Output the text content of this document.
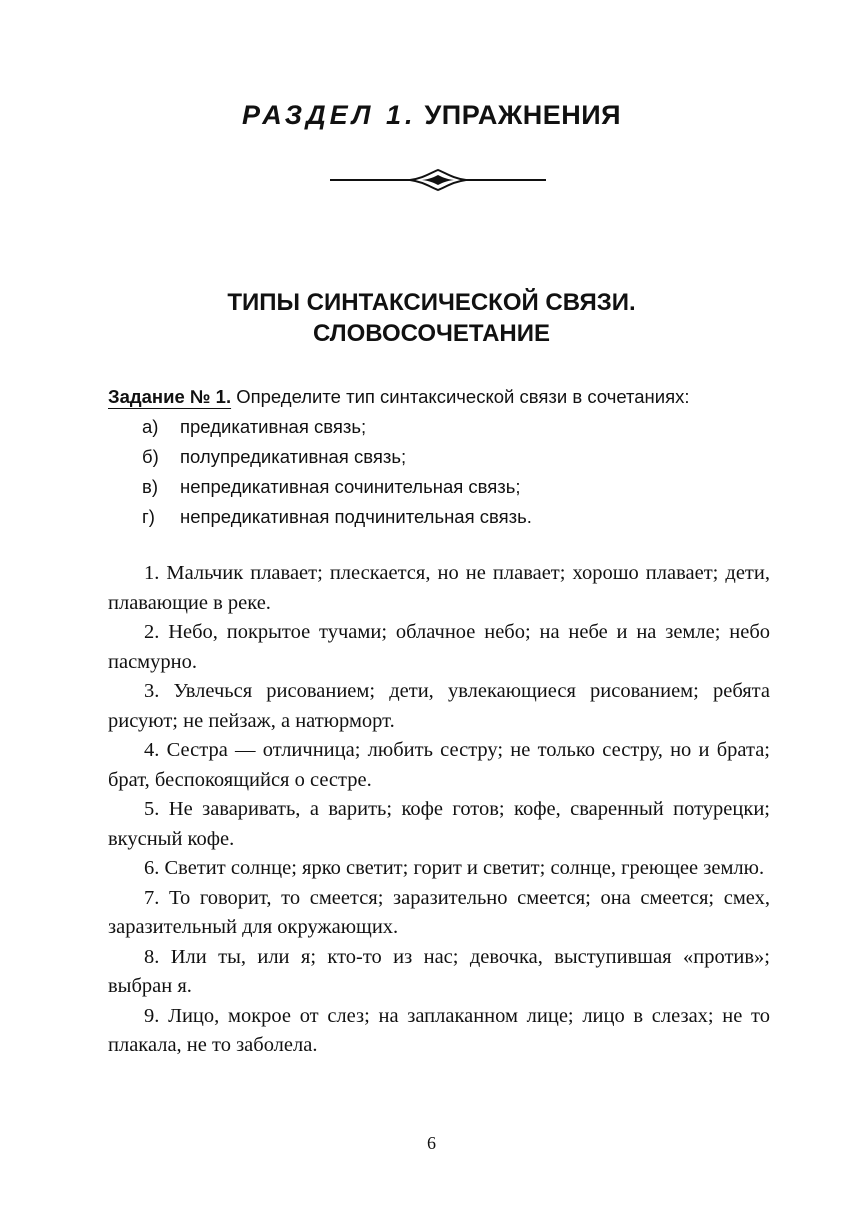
РАЗДЕЛ 1. УПРАЖНЕНИЯ
ТИПЫ СИНТАКСИЧЕСКОЙ СВЯЗИ.
СЛОВОСОЧЕТАНИЕ
Задание № 1. Определите тип синтаксической связи в сочетаниях:
а)	предикативная связь;
б)	полупредикативная связь;
в)	непредикативная сочинительная связь;
г)	непредикативная подчинительная связь.

1. Мальчик плавает; плескается, но не плавает; хорошо плавает; дети, плавающие в реке.

2. Небо, покрытое тучами; облачное небо; на небе и на земле; небо пасмурно.

3. Увлечься рисованием; дети, увлекающиеся рисованием; ребята рисуют; не пейзаж, а натюрморт.

4. Сестра — отличница; любить сестру; не только сестру, но и брата; брат, беспокоящийся о сестре.

5. Не заваривать, а варить; кофе готов; кофе, сваренный потурецки; вкусный кофе.

6. Светит солнце; ярко светит; горит и светит; солнце, греющее землю.

7. То говорит, то смеется; заразительно смеется; она смеется; смех, заразительный для окружающих.

8. Или ты, или я; кто-то из нас; девочка, выступившая «против»; выбран я.

9. Лицо, мокрое от слез; на заплаканном лице; лицо в слезах; не то плакала, не то заболела.

6
